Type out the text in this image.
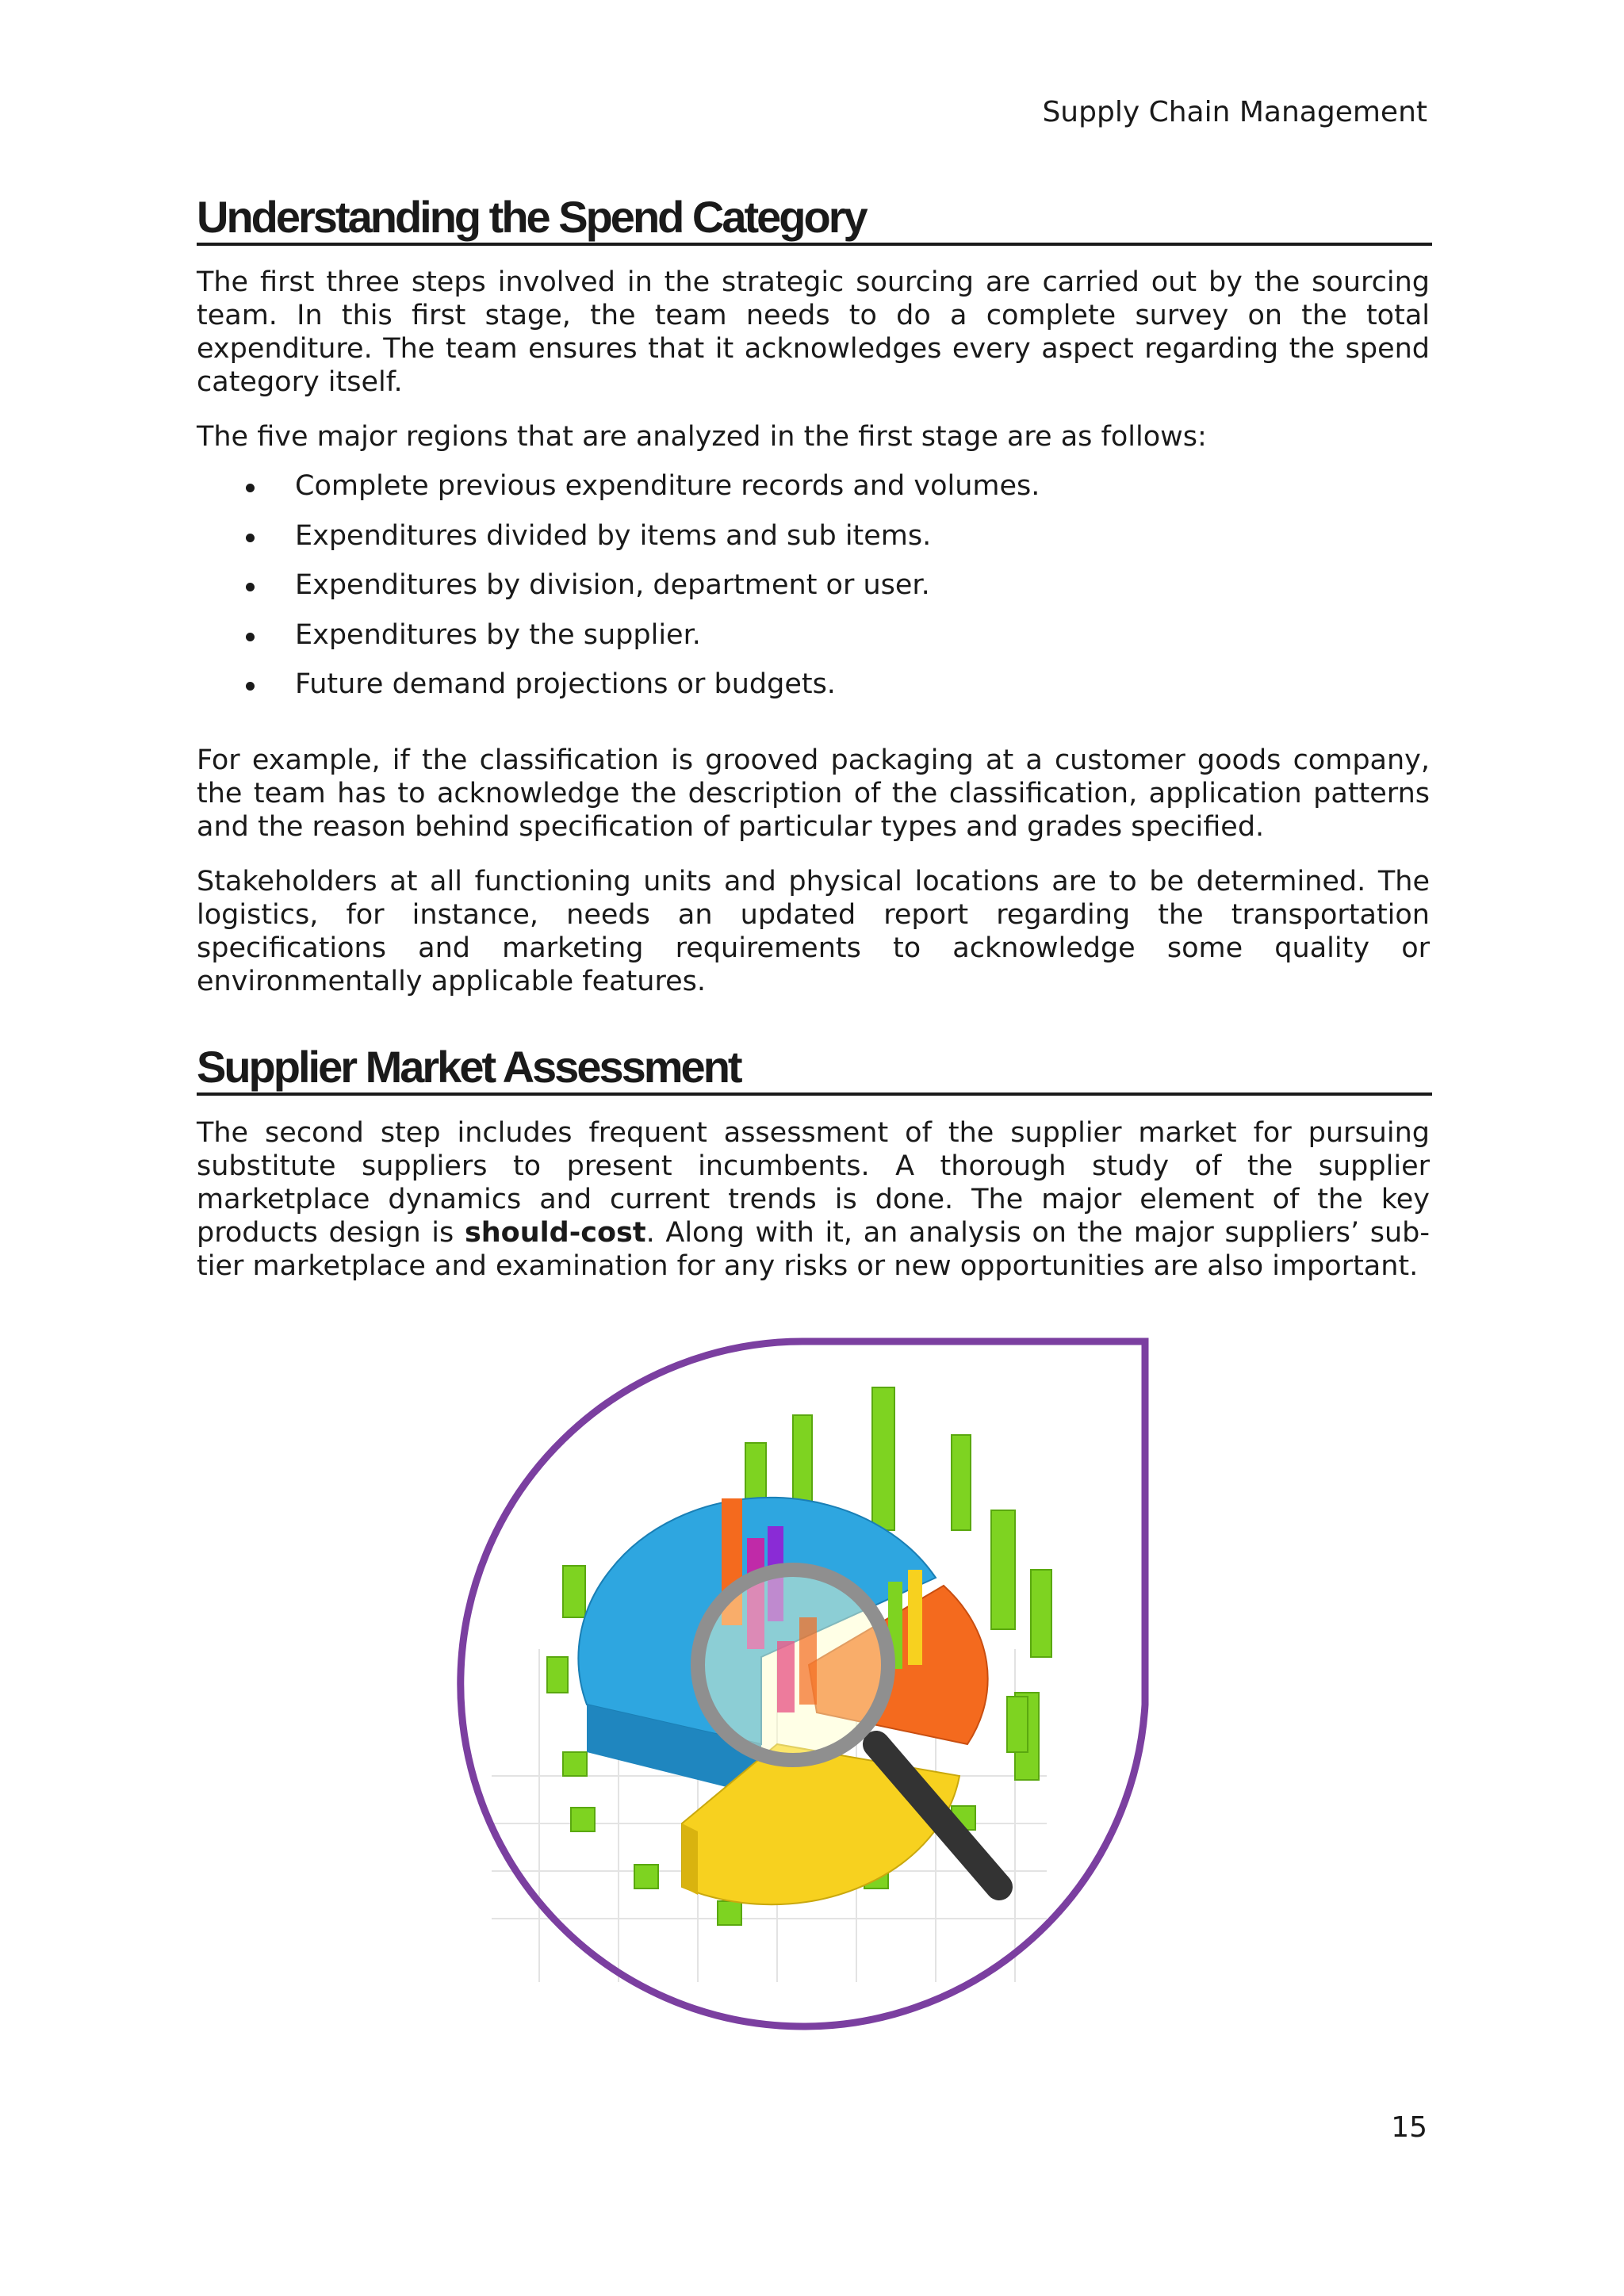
Supply Chain Management
Understanding the Spend Category

The first three steps involved in the strategic sourcing are carried out by the sourcing team. In this first stage, the team needs to do a complete survey on the total expenditure. The team ensures that it acknowledges every aspect regarding the spend category itself.

The five major regions that are analyzed in the first stage are as follows:

Complete previous expenditure records and volumes.
Expenditures divided by items and sub items.
Expenditures by division, department or user.
Expenditures by the supplier.
Future demand projections or budgets.

For example, if the classification is grooved packaging at a customer goods company, the team has to acknowledge the description of the classification, application patterns and the reason behind specification of particular types and grades specified.

Stakeholders at all functioning units and physical locations are to be determined. The logistics, for instance, needs an updated report regarding the transportation specifications and marketing requirements to acknowledge some quality or environmentally applicable features.

Supplier Market Assessment

The second step includes frequent assessment of the supplier market for pursuing substitute suppliers to present incumbents. A thorough study of the supplier marketplace dynamics and current trends is done. The major element of the key products design is should-cost. Along with it, an analysis on the major suppliers’ sub-tier marketplace and examination for any risks or new opportunities are also important.

15
